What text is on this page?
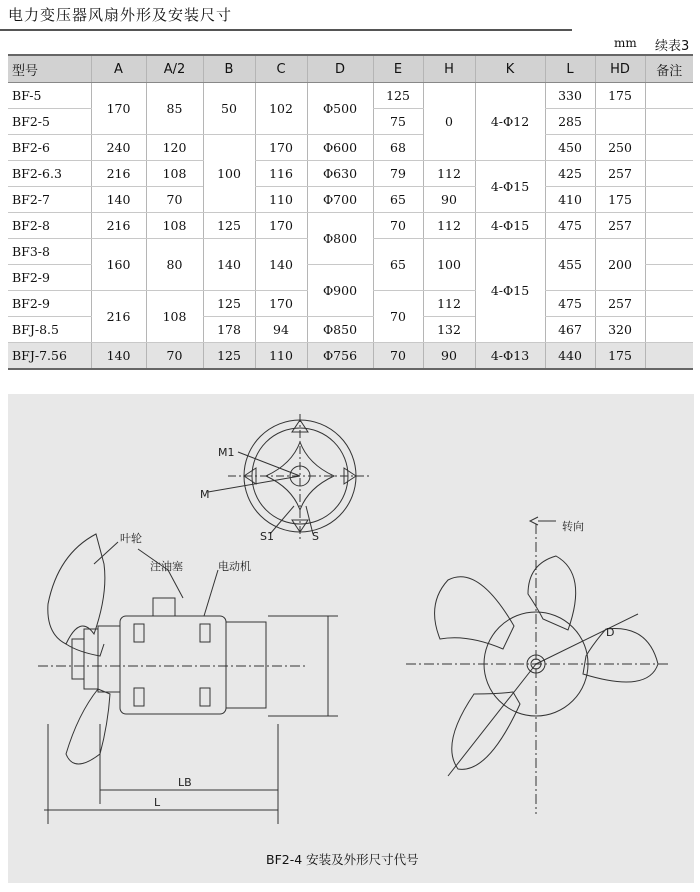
电力变压器风扇外形及安装尺寸
mm 续表3
型号	A	A/2	B	C	D	E	H	K	L	HD	备注
BF-5	170	85	50	102	Φ500	125	0	4-Φ12	330	175	
BF2-5						75			285		
BF2-6	240	120	100	170	Φ600	68			450	250	
BF2-6.3	216	108		116	Φ630	79	112	4-Φ15	425	257	
BF2-7	140	70		110	Φ700	65	90		410	175	
BF2-8	216	108	125	170	Φ800	70	112	4-Φ15	475	257	
BF3-8	160	80	140	140		65	100	4-Φ15	455	200	
BF2-9					Φ900						
BF2-9	216	108	125	170		70	112		475	257	
BFJ-8.5			178	94	Φ850		132		467	320	
BFJ-7.56	140	70	125	110	Φ756	70	90	4-Φ13	440	175	
M1
M
S1	S
叶轮
注油塞	电动机
转向
LB
L
D
BF2-4 安装及外形尺寸代号
